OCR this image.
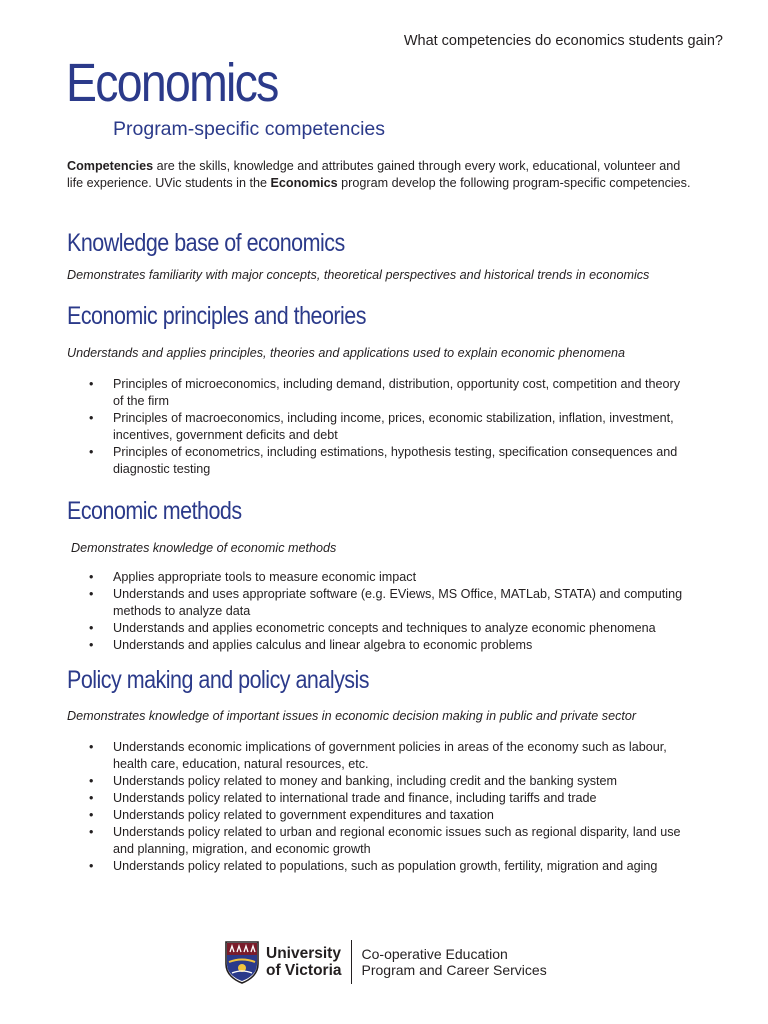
What competencies do economics students gain?
Economics
Program-specific competencies

Competencies are the skills, knowledge and attributes gained through every work, educational, volunteer and life experience. UVic students in the Economics program develop the following program-specific competencies.

Knowledge base of economics

Demonstrates familiarity with major concepts, theoretical perspectives and historical trends in economics

Economic principles and theories

Understands and applies principles, theories and applications used to explain economic phenomena

• Principles of microeconomics, including demand, distribution, opportunity cost, competition and theory of the firm
• Principles of macroeconomics, including income, prices, economic stabilization, inflation, investment, incentives, government deficits and debt
• Principles of econometrics, including estimations, hypothesis testing, specification consequences and diagnostic testing
Economic methods

Demonstrates knowledge of economic methods

• Applies appropriate tools to measure economic impact
• Understands and uses appropriate software (e.g. EViews, MS Office, MATLab, STATA) and computing methods to analyze data
• Understands and applies econometric concepts and techniques to analyze economic phenomena
• Understands and applies calculus and linear algebra to economic problems
Policy making and policy analysis

Demonstrates knowledge of important issues in economic decision making in public and private sector

• Understands economic implications of government policies in areas of the economy such as labour, health care, education, natural resources, etc.
• Understands policy related to money and banking, including credit and the banking system
• Understands policy related to international trade and finance, including tariffs and trade
• Understands policy related to government expenditures and taxation
• Understands policy related to urban and regional economic issues such as regional disparity, land use and planning, migration, and economic growth
• Understands policy related to populations, such as population growth, fertility, migration and aging
University
of Victoria
Co-operative Education
Program and Career Services
